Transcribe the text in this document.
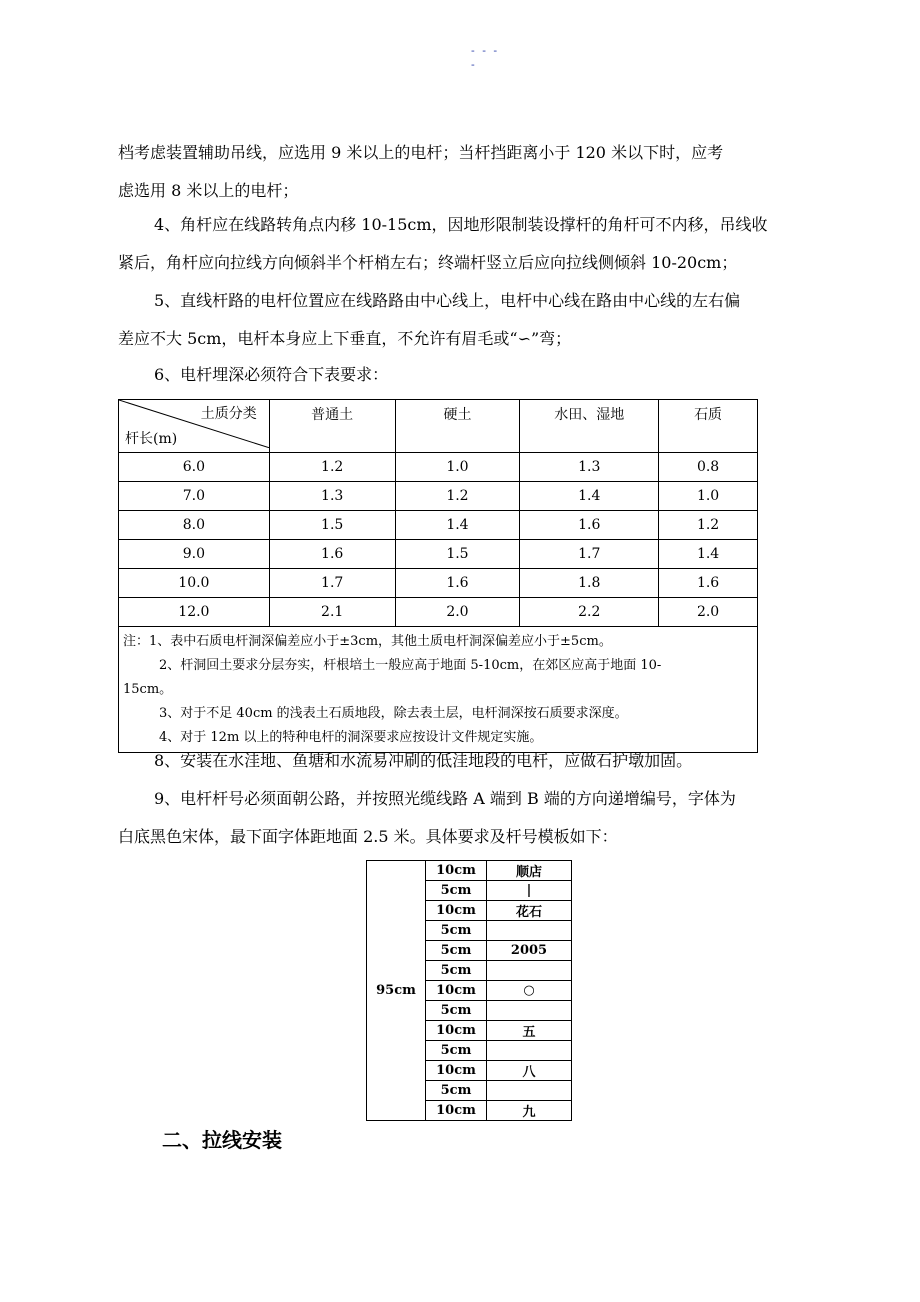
- - - -

档考虑装置辅助吊线，应选用 9 米以上的电杆；当杆挡距离小于 120 米以下时，应考
虑选用 8 米以上的电杆；

4、角杆应在线路转角点内移 10-15cm，因地形限制装设撑杆的角杆可不内移，吊线收
紧后，角杆应向拉线方向倾斜半个杆梢左右；终端杆竖立后应向拉线侧倾斜 10-20cm；

5、直线杆路的电杆位置应在线路路由中心线上，电杆中心线在路由中心线的左右偏
差应不大 5cm，电杆本身应上下垂直，不允许有眉毛或“∽”弯；

6、电杆埋深必须符合下表要求：

土质分类
杆长(m)	普通土	硬土	水田、湿地	石质
6.0	1.2	1.0	1.3	0.8
7.0	1.3	1.2	1.4	1.0
8.0	1.5	1.4	1.6	1.2
9.0	1.6	1.5	1.7	1.4
10.0	1.7	1.6	1.8	1.6
12.0	2.1	2.0	2.2	2.0

注：1、表中石质电杆洞深偏差应小于±3cm，其他土质电杆洞深偏差应小于±5cm。
2、杆洞回土要求分层夯实，杆根培土一般应高于地面 5-10cm，在郊区应高于地面 10-
15cm。
3、对于不足 40cm 的浅表土石质地段，除去表土层，电杆洞深按石质要求深度。
4、对于 12m 以上的特种电杆的洞深要求应按设计文件规定实施。				

8、安装在水洼地、鱼塘和水流易冲刷的低洼地段的电杆，应做石护墩加固。

9、电杆杆号必须面朝公路，并按照光缆线路 A 端到 B 端的方向递增编号，字体为
白底黑色宋体，最下面字体距地面 2.5 米。具体要求及杆号模板如下：

95cm	10cm	顺店
	5cm	|
	10cm	花石
	5cm	
	5cm	2005
	5cm	
	10cm	○
	5cm	
	10cm	五
	5cm	
	10cm	八
	5cm	
	10cm	九
二、拉线安装
